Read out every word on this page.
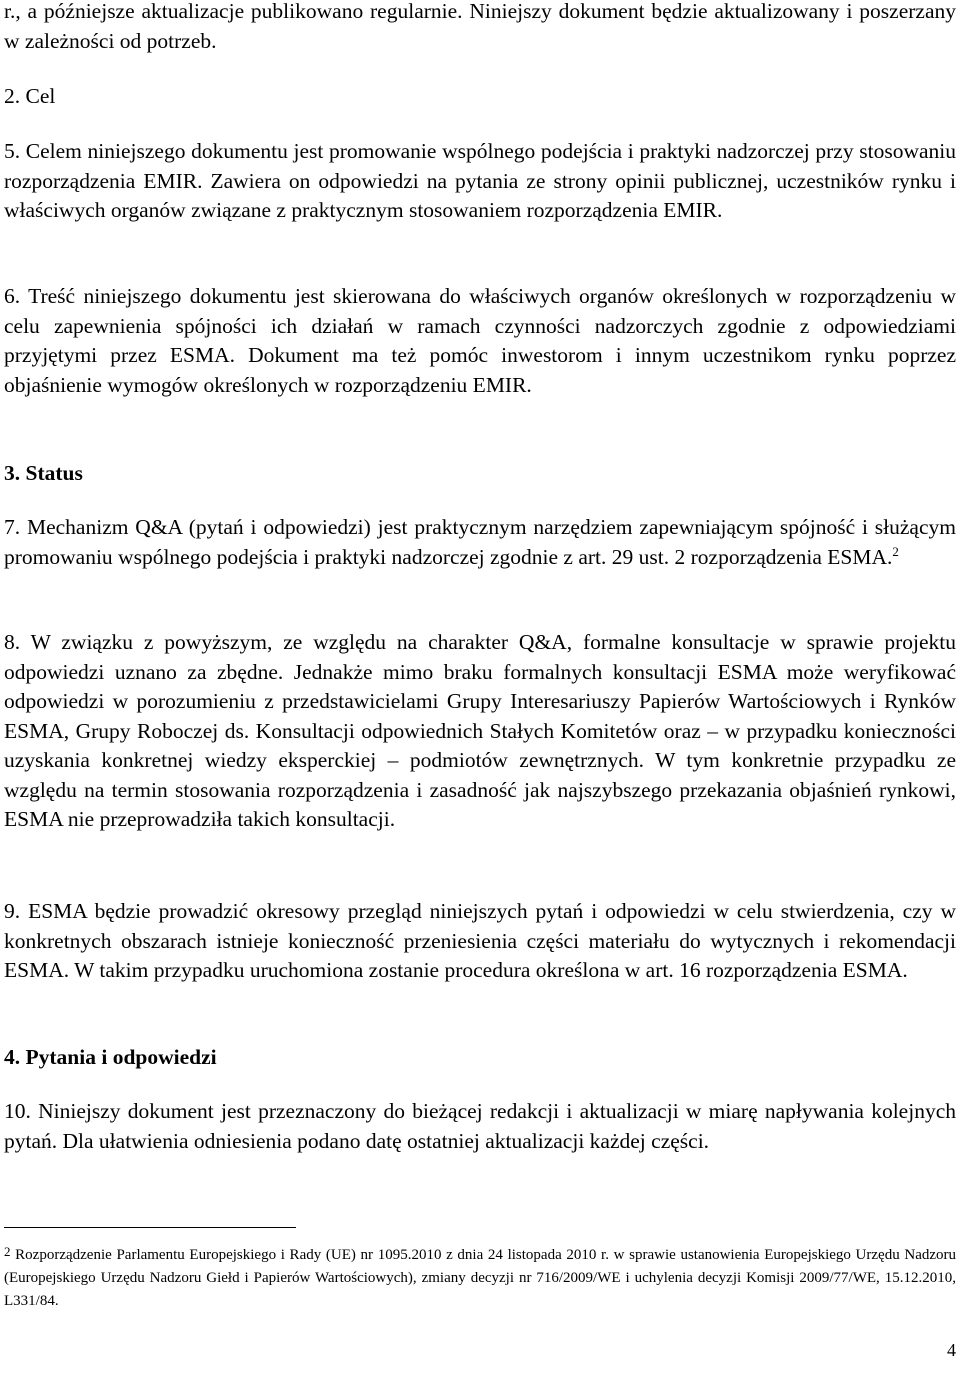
r., a późniejsze aktualizacje publikowano regularnie. Niniejszy dokument będzie aktualizowany i poszerzany w zależności od potrzeb.

2. Cel

5. Celem niniejszego dokumentu jest promowanie wspólnego podejścia i praktyki nadzorczej przy stosowaniu rozporządzenia EMIR. Zawiera on odpowiedzi na pytania ze strony opinii publicznej, uczestników rynku i właściwych organów związane z praktycznym stosowaniem rozporządzenia EMIR.

6. Treść niniejszego dokumentu jest skierowana do właściwych organów określonych w rozporządzeniu w celu zapewnienia spójności ich działań w ramach czynności nadzorczych zgodnie z odpowiedziami przyjętymi przez ESMA. Dokument ma też pomóc inwestorom i innym uczestnikom rynku poprzez objaśnienie wymogów określonych w rozporządzeniu EMIR.

3. Status

7. Mechanizm Q&A (pytań i odpowiedzi) jest praktycznym narzędziem zapewniającym spójność i służącym promowaniu wspólnego podejścia i praktyki nadzorczej zgodnie z art. 29 ust. 2 rozporządzenia ESMA.$^2$

8. W związku z powyższym, ze względu na charakter Q&A, formalne konsultacje w sprawie projektu odpowiedzi uznano za zbędne. Jednakże mimo braku formalnych konsultacji ESMA może weryfikować odpowiedzi w porozumieniu z przedstawicielami Grupy Interesariuszy Papierów Wartościowych i Rynków ESMA, Grupy Roboczej ds. Konsultacji odpowiednich Stałych Komitetów oraz – w przypadku konieczności uzyskania konkretnej wiedzy eksperckiej – podmiotów zewnętrznych. W tym konkretnie przypadku ze względu na termin stosowania rozporządzenia i zasadność jak najszybszego przekazania objaśnień rynkowi, ESMA nie przeprowadziła takich konsultacji.

9. ESMA będzie prowadzić okresowy przegląd niniejszych pytań i odpowiedzi w celu stwierdzenia, czy w konkretnych obszarach istnieje konieczność przeniesienia części materiału do wytycznych i rekomendacji ESMA. W takim przypadku uruchomiona zostanie procedura określona w art. 16 rozporządzenia ESMA.

4. Pytania i odpowiedzi

10. Niniejszy dokument jest przeznaczony do bieżącej redakcji i aktualizacji w miarę napływania kolejnych pytań. Dla ułatwienia odniesienia podano datę ostatniej aktualizacji każdej części.

2 Rozporządzenie Parlamentu Europejskiego i Rady (UE) nr 1095.2010 z dnia 24 listopada 2010 r. w sprawie ustanowienia Europejskiego Urzędu Nadzoru (Europejskiego Urzędu Nadzoru Giełd i Papierów Wartościowych), zmiany decyzji nr 716/2009/WE i uchylenia decyzji Komisji 2009/77/WE, 15.12.2010, L331/84.
4
